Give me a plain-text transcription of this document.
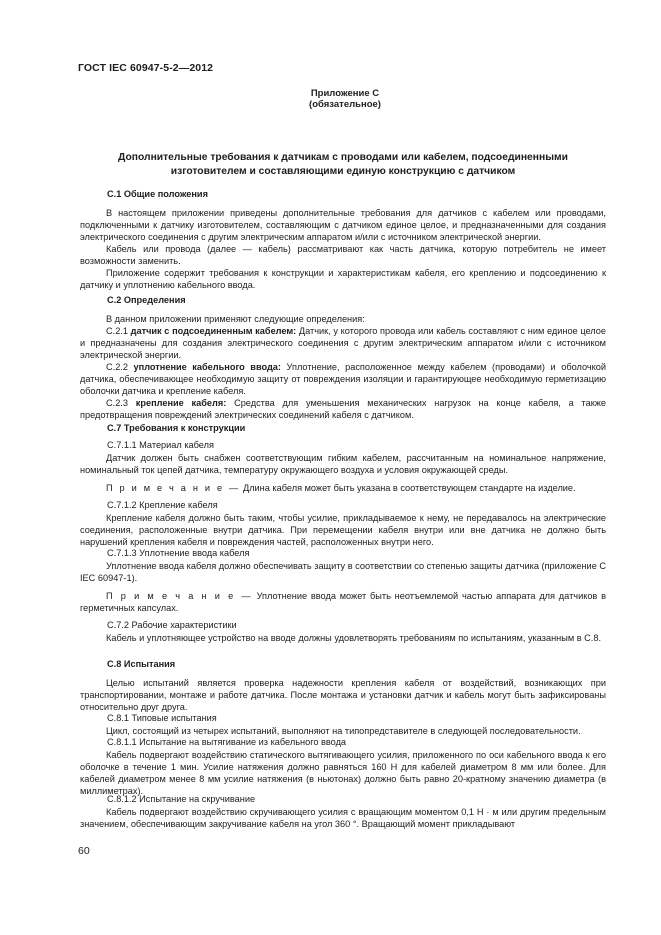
ГОСТ IEC 60947-5-2—2012
Приложение С
(обязательное)
Дополнительные требования к датчикам с проводами или кабелем, подсоединенными
изготовителем и составляющими единую конструкцию с датчиком
С.1 Общие положения
В настоящем приложении приведены дополнительные требования для датчиков с кабелем или проводами, подключенными к датчику изготовителем, составляющим с датчиком единое целое, и предназначенными для создания электрического соединения с другим электрическим аппаратом и/или с источником электрической энергии.
Кабель или провода (далее — кабель) рассматривают как часть датчика, которую потребитель не имеет возможности заменить.
Приложение содержит требования к конструкции и характеристикам кабеля, его креплению и подсоединению к датчику и уплотнению кабельного ввода.
С.2 Определения
В данном приложении применяют следующие определения:
С.2.1 датчик с подсоединенным кабелем: Датчик, у которого провода или кабель составляют с ним единое целое и предназначены для создания электрического соединения с другим электрическим аппаратом и/или с источником электрической энергии.
С.2.2 уплотнение кабельного ввода: Уплотнение, расположенное между кабелем (проводами) и оболочкой датчика, обеспечивающее необходимую защиту от повреждения изоляции и гарантирующее необходимую герметизацию оболочки датчика и крепление кабеля.
С.2.3 крепление кабеля: Средства для уменьшения механических нагрузок на конце кабеля, а также предотвращения повреждений электрических соединений кабеля с датчиком.
С.7 Требования к конструкции
С.7.1.1 Материал кабеля
Датчик должен быть снабжен соответствующим гибким кабелем, рассчитанным на номинальное напряжение, номинальный ток цепей датчика, температуру окружающего воздуха и условия окружающей среды.
П р и м е ч а н и е — Длина кабеля может быть указана в соответствующем стандарте на изделие.
С.7.1.2 Крепление кабеля
Крепление кабеля должно быть таким, чтобы усилие, прикладываемое к нему, не передавалось на электрические соединения, расположенные внутри датчика. При перемещении кабеля внутри или вне датчика не должно быть нарушений крепления кабеля и повреждения частей, расположенных внутри него.
С.7.1.3 Уплотнение ввода кабеля
Уплотнение ввода кабеля должно обеспечивать защиту в соответствии со степенью защиты датчика (приложение С IEC 60947-1).
П р и м е ч а н и е — Уплотнение ввода может быть неотъемлемой частью аппарата для датчиков в герметичных капсулах.
С.7.2 Рабочие характеристики
Кабель и уплотняющее устройство на вводе должны удовлетворять требованиям по испытаниям, указанным в С.8.
С.8 Испытания
Целью испытаний является проверка надежности крепления кабеля от воздействий, возникающих при транспортировании, монтаже и работе датчика. После монтажа и установки датчик и кабель могут быть зафиксированы относительно друг друга.
С.8.1 Типовые испытания
Цикл, состоящий из четырех испытаний, выполняют на типопредставителе в следующей последовательности.
С.8.1.1 Испытание на вытягивание из кабельного ввода
Кабель подвергают воздействию статического вытягивающего усилия, приложенного по оси кабельного ввода к его оболочке в течение 1 мин. Усилие натяжения должно равняться 160 Н для кабелей диаметром 8 мм или более. Для кабелей диаметром менее 8 мм усилие натяжения (в ньютонах) должно быть равно 20-кратному значению диаметра (в миллиметрах).
С.8.1.2 Испытание на скручивание
Кабель подвергают воздействию скручивающего усилия с вращающим моментом 0,1 Н · м или другим предельным значением, обеспечивающим закручивание кабеля на угол 360 °. Вращающий момент прикладывают
60
